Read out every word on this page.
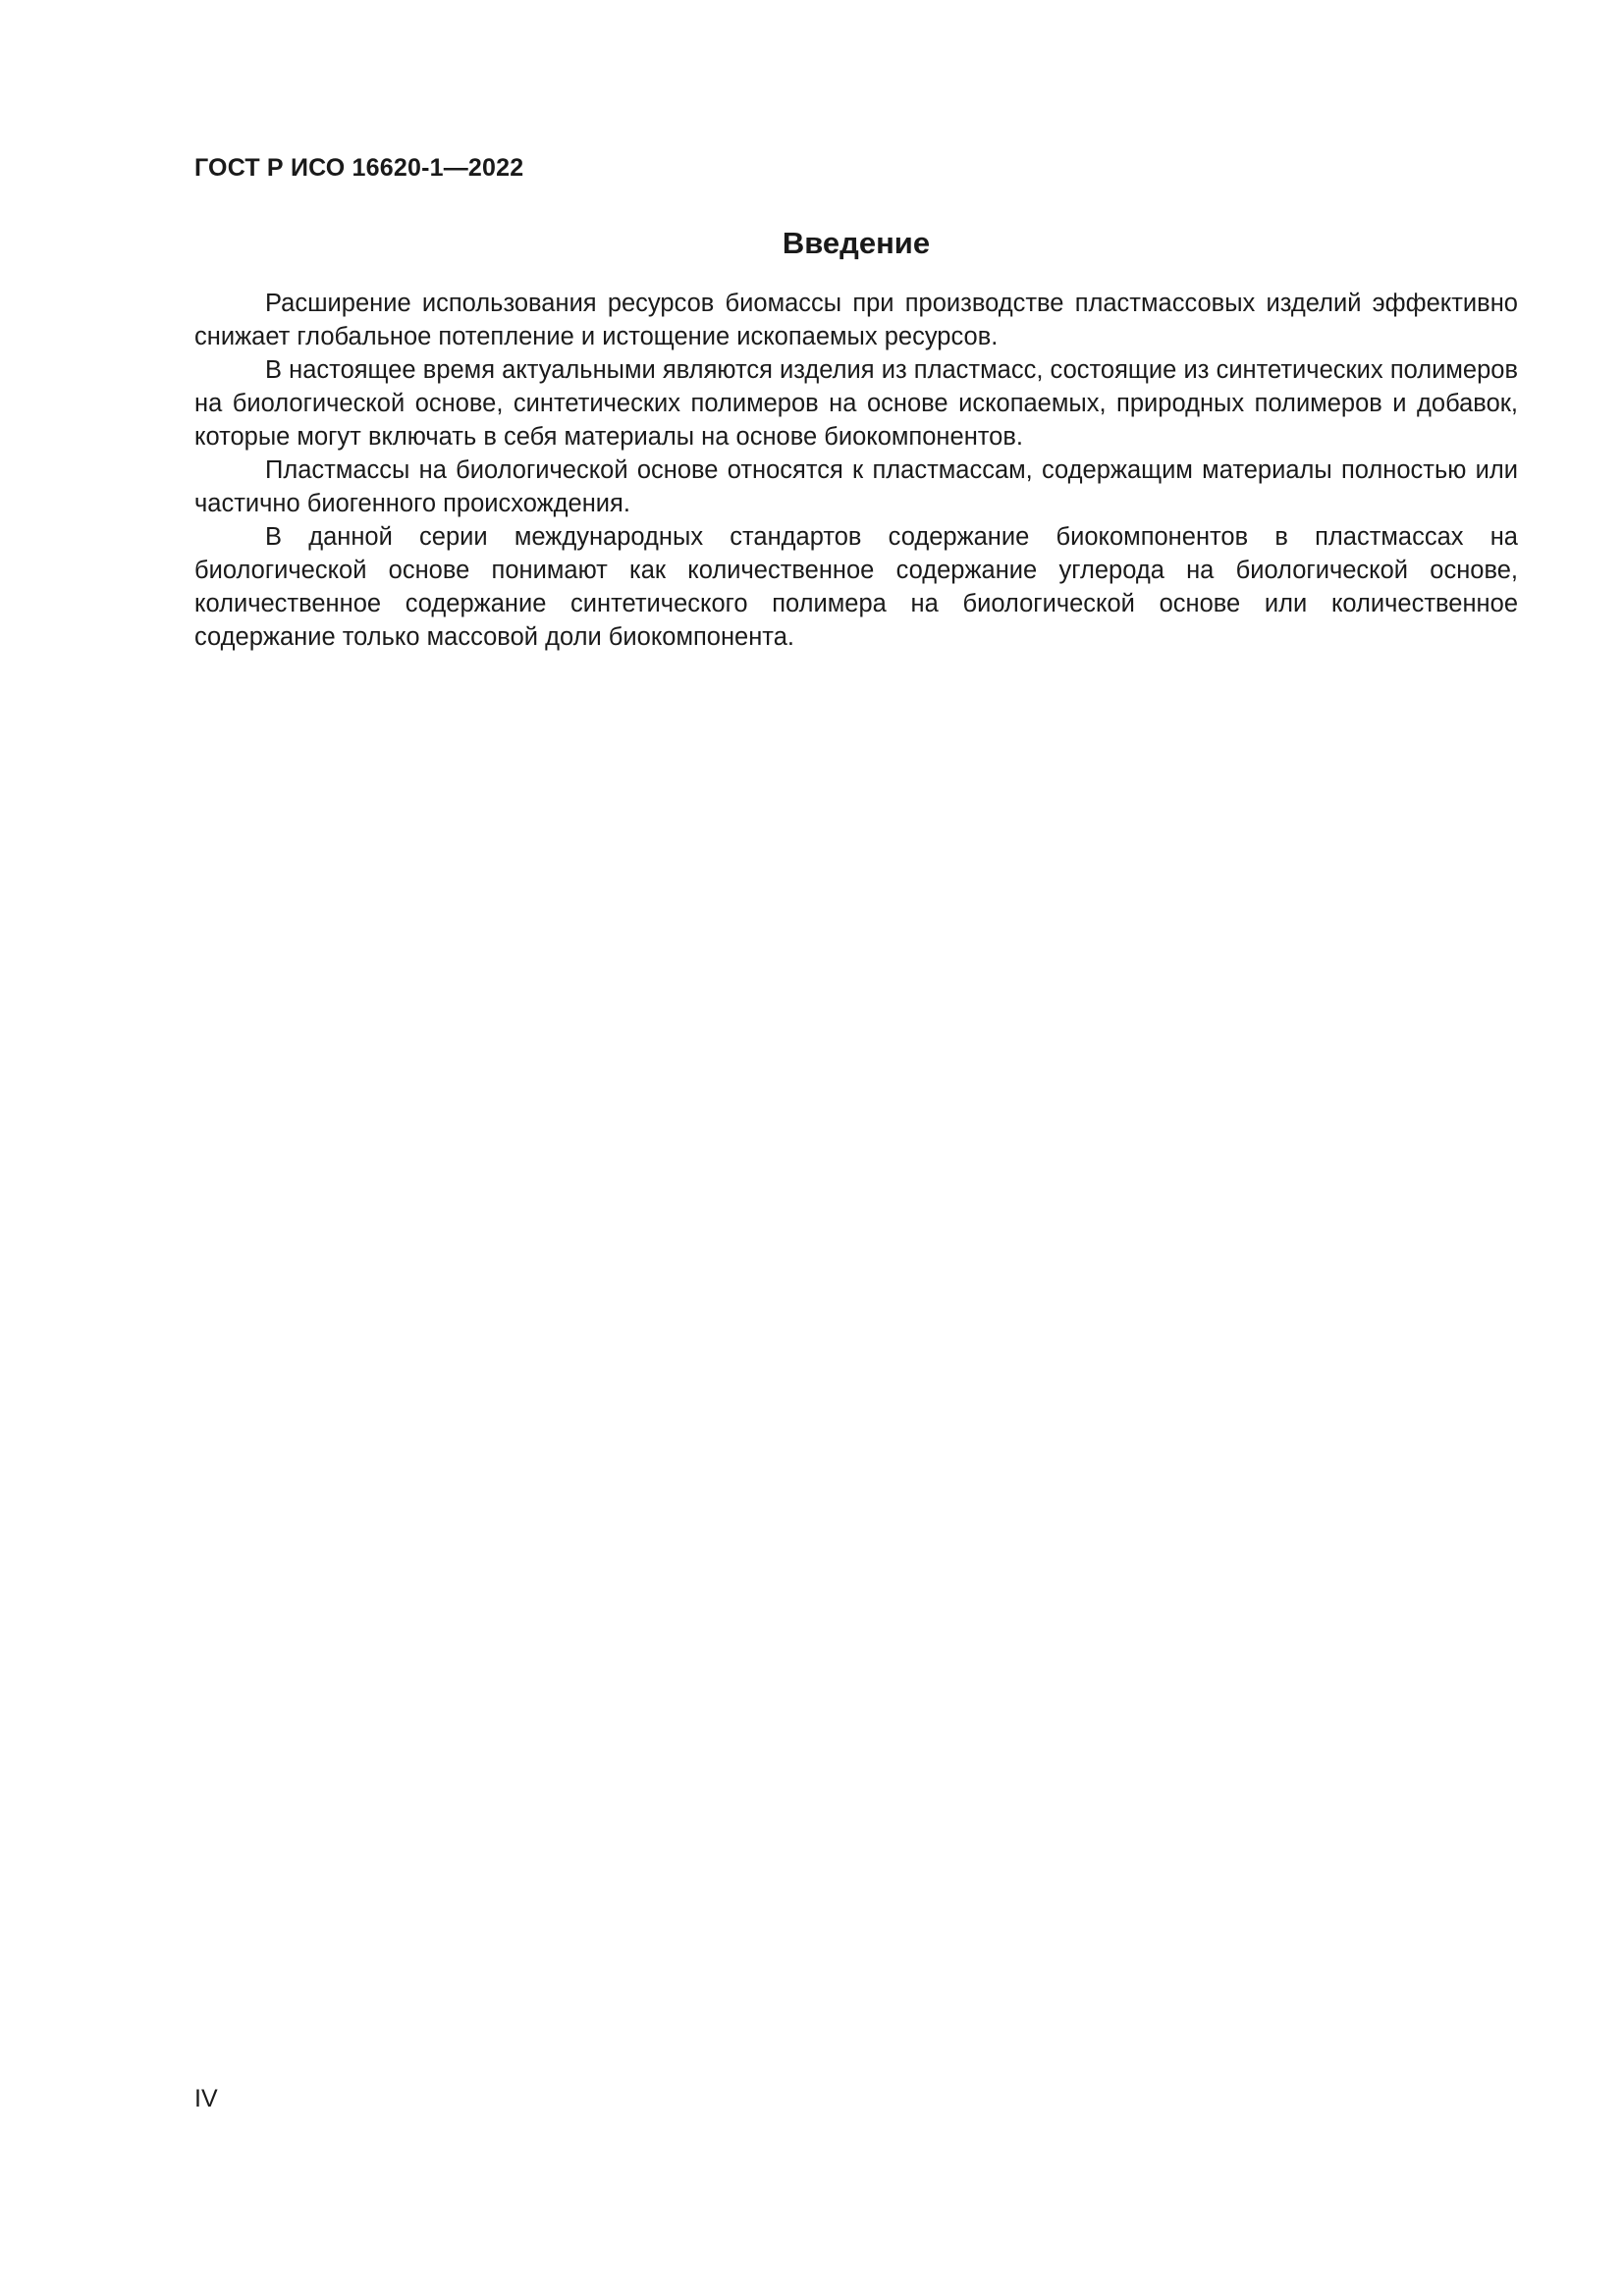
ГОСТ Р ИСО 16620-1—2022
Введение

Расширение использования ресурсов биомассы при производстве пластмассовых изделий эффективно снижает глобальное потепление и истощение ископаемых ресурсов.

В настоящее время актуальными являются изделия из пластмасс, состоящие из синтетических полимеров на биологической основе, синтетических полимеров на основе ископаемых, природных полимеров и добавок, которые могут включать в себя материалы на основе биокомпонентов.

Пластмассы на биологической основе относятся к пластмассам, содержащим материалы полностью или частично биогенного происхождения.

В данной серии международных стандартов содержание биокомпонентов в пластмассах на биологической основе понимают как количественное содержание углерода на биологической основе, количественное содержание синтетического полимера на биологической основе или количественное содержание только массовой доли биокомпонента.

IV
